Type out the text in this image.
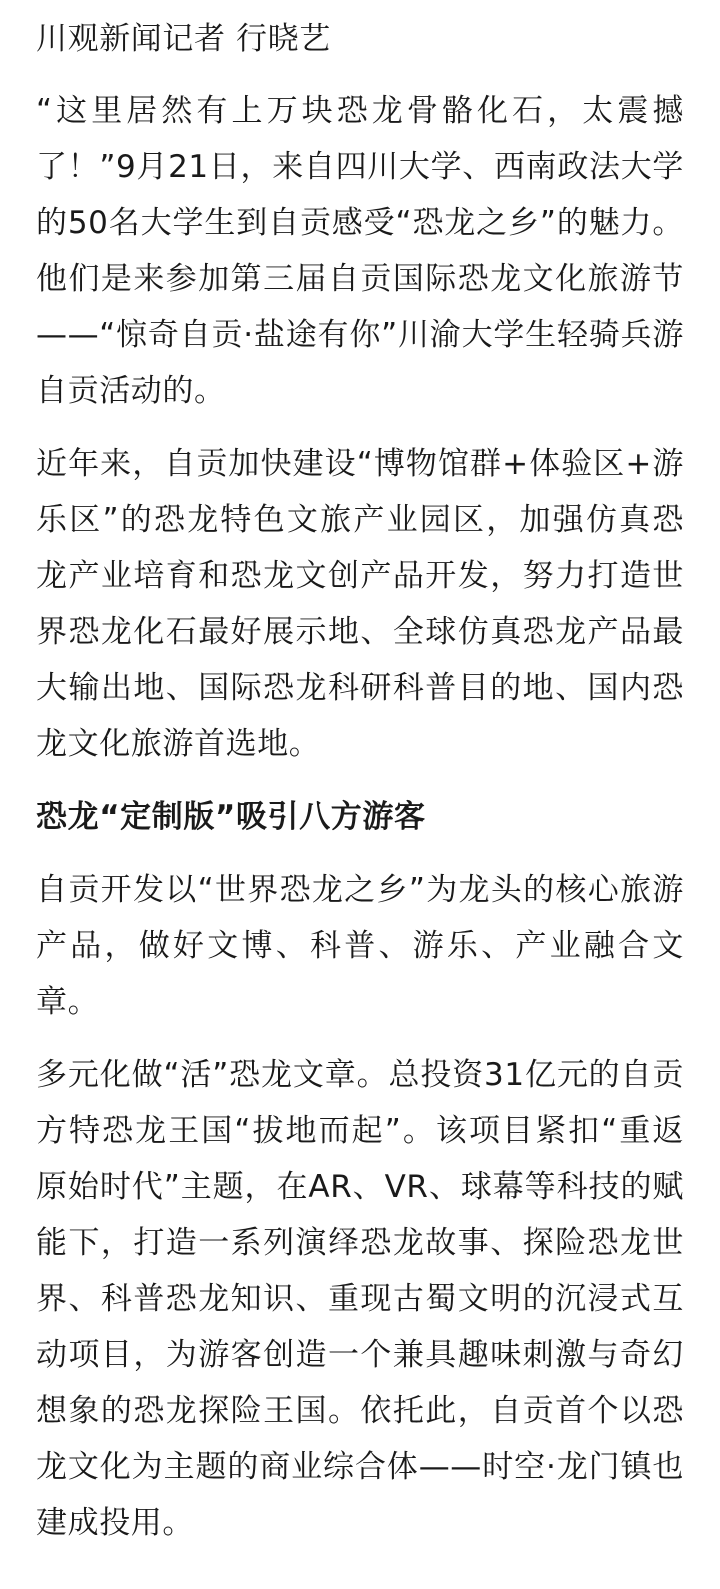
川观新闻记者 行晓艺

“这里居然有上万块恐龙骨骼化石，太震撼了！”9月21日，来自四川大学、西南政法大学的50名大学生到自贡感受“恐龙之乡”的魅力。他们是来参加第三届自贡国际恐龙文化旅游节——“惊奇自贡·盐途有你”川渝大学生轻骑兵游自贡活动的。

近年来，自贡加快建设“博物馆群+体验区+游乐区”的恐龙特色文旅产业园区，加强仿真恐龙产业培育和恐龙文创产品开发，努力打造世界恐龙化石最好展示地、全球仿真恐龙产品最大输出地、国际恐龙科研科普目的地、国内恐龙文化旅游首选地。

恐龙“定制版”吸引八方游客

自贡开发以“世界恐龙之乡”为龙头的核心旅游产品，做好文博、科普、游乐、产业融合文章。

多元化做“活”恐龙文章。总投资31亿元的自贡方特恐龙王国“拔地而起”。该项目紧扣“重返原始时代”主题，在AR、VR、球幕等科技的赋能下，打造一系列演绎恐龙故事、探险恐龙世界、科普恐龙知识、重现古蜀文明的沉浸式互动项目，为游客创造一个兼具趣味刺激与奇幻想象的恐龙探险王国。依托此，自贡首个以恐龙文化为主题的商业综合体——时空·龙门镇也建成投用。
